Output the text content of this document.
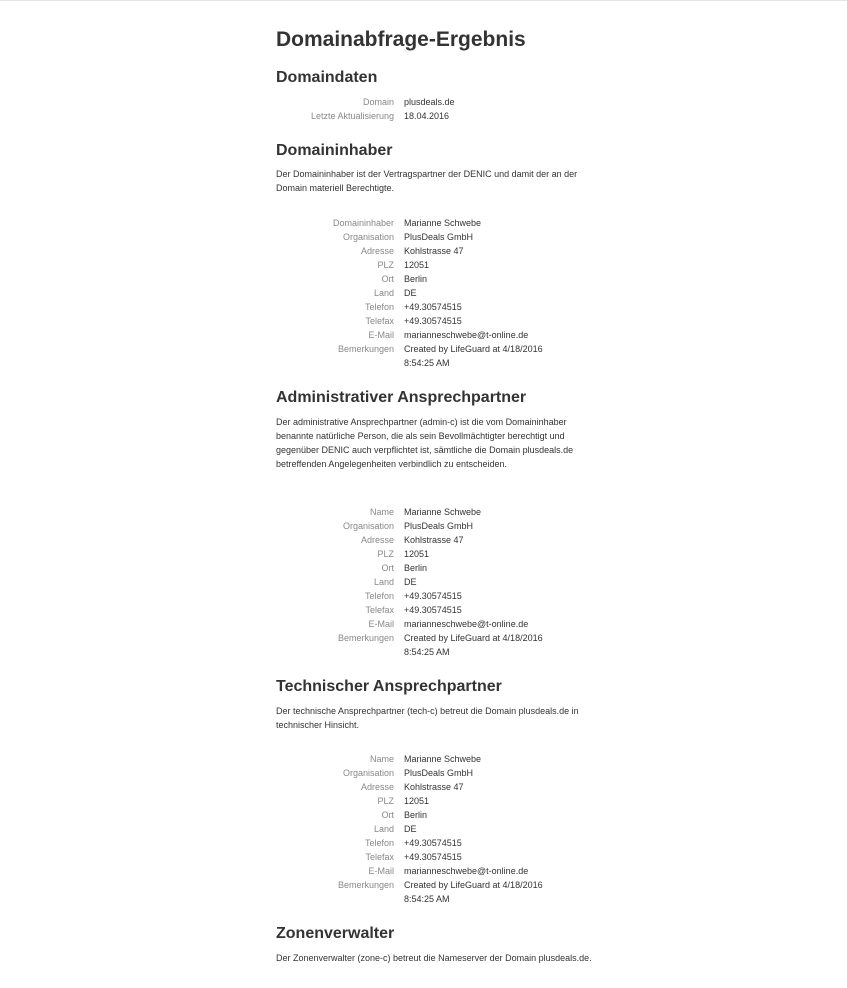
Domainabfrage-Ergebnis
Domaindaten
Domain plusdeals.de
Letzte Aktualisierung 18.04.2016
Domaininhaber

Der Domaininhaber ist der Vertragspartner der DENIC und damit der an der Domain materiell Berechtigte.

Domaininhaber Marianne Schwebe
Organisation PlusDeals GmbH
Adresse Kohlstrasse 47
PLZ 12051
Ort Berlin
Land DE
Telefon +49.30574515
Telefax +49.30574515
E-Mail marianneschwebe@t-online.de
Bemerkungen Created by LifeGuard at 4/18/2016 8:54:25 AM
Administrativer Ansprechpartner

Der administrative Ansprechpartner (admin-c) ist die vom Domaininhaber benannte natürliche Person, die als sein Bevollmächtigter berechtigt und gegenüber DENIC auch verpflichtet ist, sämtliche die Domain plusdeals.de betreffenden Angelegenheiten verbindlich zu entscheiden.

Name Marianne Schwebe
Organisation PlusDeals GmbH
Adresse Kohlstrasse 47
PLZ 12051
Ort Berlin
Land DE
Telefon +49.30574515
Telefax +49.30574515
E-Mail marianneschwebe@t-online.de
Bemerkungen Created by LifeGuard at 4/18/2016 8:54:25 AM
Technischer Ansprechpartner

Der technische Ansprechpartner (tech-c) betreut die Domain plusdeals.de in technischer Hinsicht.

Name Marianne Schwebe
Organisation PlusDeals GmbH
Adresse Kohlstrasse 47
PLZ 12051
Ort Berlin
Land DE
Telefon +49.30574515
Telefax +49.30574515
E-Mail marianneschwebe@t-online.de
Bemerkungen Created by LifeGuard at 4/18/2016 8:54:25 AM
Zonenverwalter

Der Zonenverwalter (zone-c) betreut die Nameserver der Domain plusdeals.de.
